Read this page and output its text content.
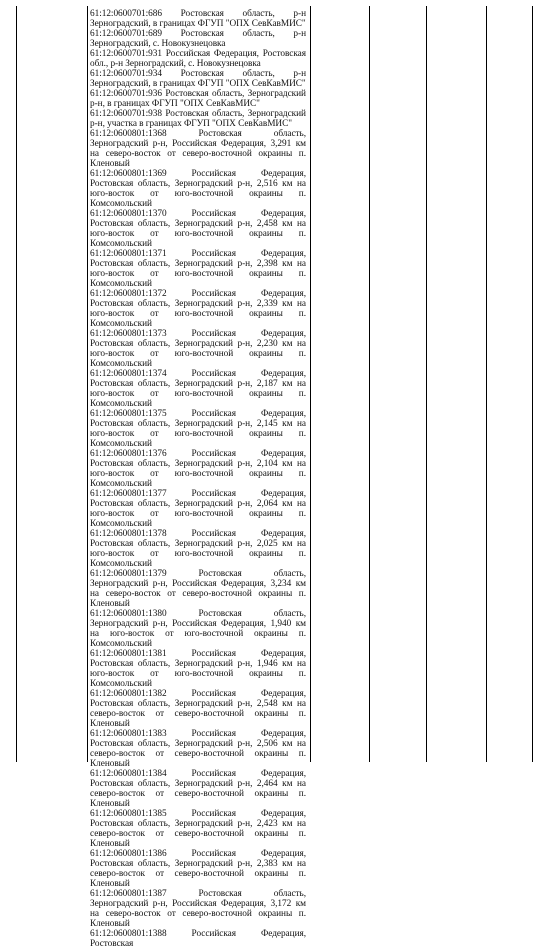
61:12:0600701:686 Ростовская область, р-н Зерноградский, в границах ФГУП "ОПХ СевКавМИС"

61:12:0600701:689 Ростовская область, р-н Зерноградский, с. Новокузнецовка

61:12:0600701:931 Российская Федерация, Ростовская обл., р-н Зерноградский, с. Новокузнецовка

61:12:0600701:934 Ростовская область, р-н Зерноградский, в границах ФГУП "ОПХ СевКавМИС"

61:12:0600701:936 Ростовская область, Зерноградский р-н, в границах ФГУП "ОПХ СевКавМИС"

61:12:0600701:938 Ростовская область, Зерноградский р-н, участка в границах ФГУП "ОПХ СевКавМИС"

61:12:0600801:1368 Ростовская область, Зерноградский р-н, Российская Федерация, 3,291 км на северо-восток от северо-восточной окраины п. Кленовый

61:12:0600801:1369 Российская Федерация, Ростовская область, Зерноградский р-н, 2,516 км на юго-восток от юго-восточной окраины п. Комсомольский

61:12:0600801:1370 Российская Федерация, Ростовская область, Зерноградский р-н, 2,458 км на юго-восток от юго-восточной окраины п. Комсомольский

61:12:0600801:1371 Российская Федерация, Ростовская область, Зерноградский р-н, 2,398 км на юго-восток от юго-восточной окраины п. Комсомольский

61:12:0600801:1372 Российская Федерация, Ростовская область, Зерноградский р-н, 2,339 км на юго-восток от юго-восточной окраины п. Комсомольский

61:12:0600801:1373 Российская Федерация, Ростовская область, Зерноградский р-н, 2,230 км на юго-восток от юго-восточной окраины п. Комсомольский

61:12:0600801:1374 Российская Федерация, Ростовская область, Зерноградский р-н, 2,187 км на юго-восток от юго-восточной окраины п. Комсомольский

61:12:0600801:1375 Российская Федерация, Ростовская область, Зерноградский р-н, 2,145 км на юго-восток от юго-восточной окраины п. Комсомольский

61:12:0600801:1376 Российская Федерация, Ростовская область, Зерноградский р-н, 2,104 км на юго-восток от юго-восточной окраины п. Комсомольский

61:12:0600801:1377 Российская Федерация, Ростовская область, Зерноградский р-н, 2,064 км на юго-восток от юго-восточной окраины п. Комсомольский

61:12:0600801:1378 Российская Федерация, Ростовская область, Зерноградский р-н, 2,025 км на юго-восток от юго-восточной окраины п. Комсомольский

61:12:0600801:1379 Ростовская область, Зерноградский р-н, Российская Федерация, 3,234 км на северо-восток от северо-восточной окраины п. Кленовый

61:12:0600801:1380 Ростовская область, Зерноградский р-н, Российская Федерация, 1,940 км на юго-восток от юго-восточной окраины п. Комсомольский

61:12:0600801:1381 Российская Федерация, Ростовская область, Зерноградский р-н, 1,946 км на юго-восток от юго-восточной окраины п. Комсомольский

61:12:0600801:1382 Российская Федерация, Ростовская область, Зерноградский р-н, 2,548 км на северо-восток от северо-восточной окраины п. Кленовый

61:12:0600801:1383 Российская Федерация, Ростовская область, Зерноградский р-н, 2,506 км на северо-восток от северо-восточной окраины п. Кленовый

61:12:0600801:1384 Российская Федерация, Ростовская область, Зерноградский р-н, 2,464 км на северо-восток от северо-восточной окраины п. Кленовый

61:12:0600801:1385 Российская Федерация, Ростовская область, Зерноградский р-н, 2,423 км на северо-восток от северо-восточной окраины п. Кленовый

61:12:0600801:1386 Российская Федерация, Ростовская область, Зерноградский р-н, 2,383 км на северо-восток от северо-восточной окраины п. Кленовый

61:12:0600801:1387 Ростовская область, Зерноградский р-н, Российская Федерация, 3,172 км на северо-восток от северо-восточной окраины п. Кленовый

61:12:0600801:1388 Российская Федерация, Ростовская
